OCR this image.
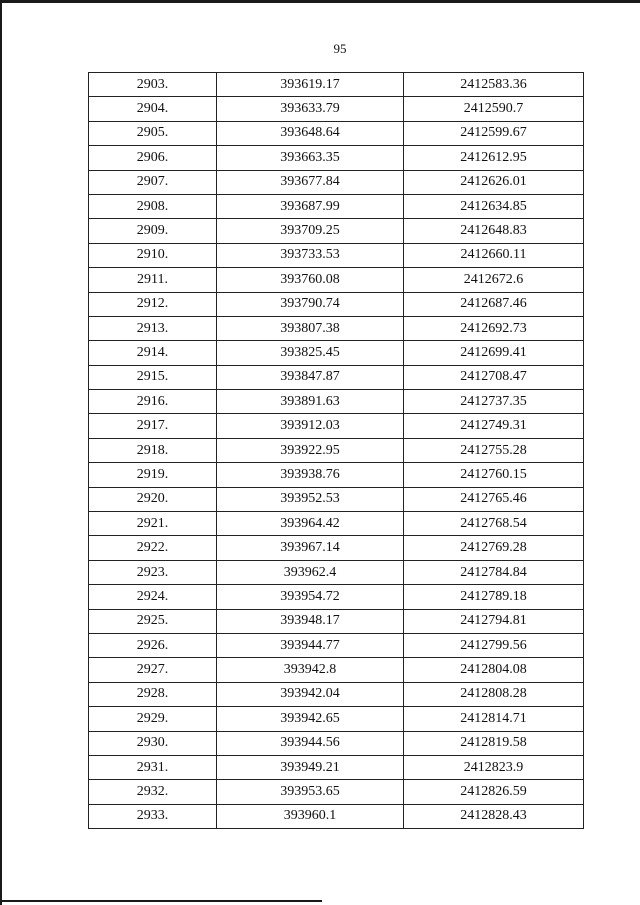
95
2903.	393619.17	2412583.36
2904.	393633.79	2412590.7
2905.	393648.64	2412599.67
2906.	393663.35	2412612.95
2907.	393677.84	2412626.01
2908.	393687.99	2412634.85
2909.	393709.25	2412648.83
2910.	393733.53	2412660.11
2911.	393760.08	2412672.6
2912.	393790.74	2412687.46
2913.	393807.38	2412692.73
2914.	393825.45	2412699.41
2915.	393847.87	2412708.47
2916.	393891.63	2412737.35
2917.	393912.03	2412749.31
2918.	393922.95	2412755.28
2919.	393938.76	2412760.15
2920.	393952.53	2412765.46
2921.	393964.42	2412768.54
2922.	393967.14	2412769.28
2923.	393962.4	2412784.84
2924.	393954.72	2412789.18
2925.	393948.17	2412794.81
2926.	393944.77	2412799.56
2927.	393942.8	2412804.08
2928.	393942.04	2412808.28
2929.	393942.65	2412814.71
2930.	393944.56	2412819.58
2931.	393949.21	2412823.9
2932.	393953.65	2412826.59
2933.	393960.1	2412828.43
